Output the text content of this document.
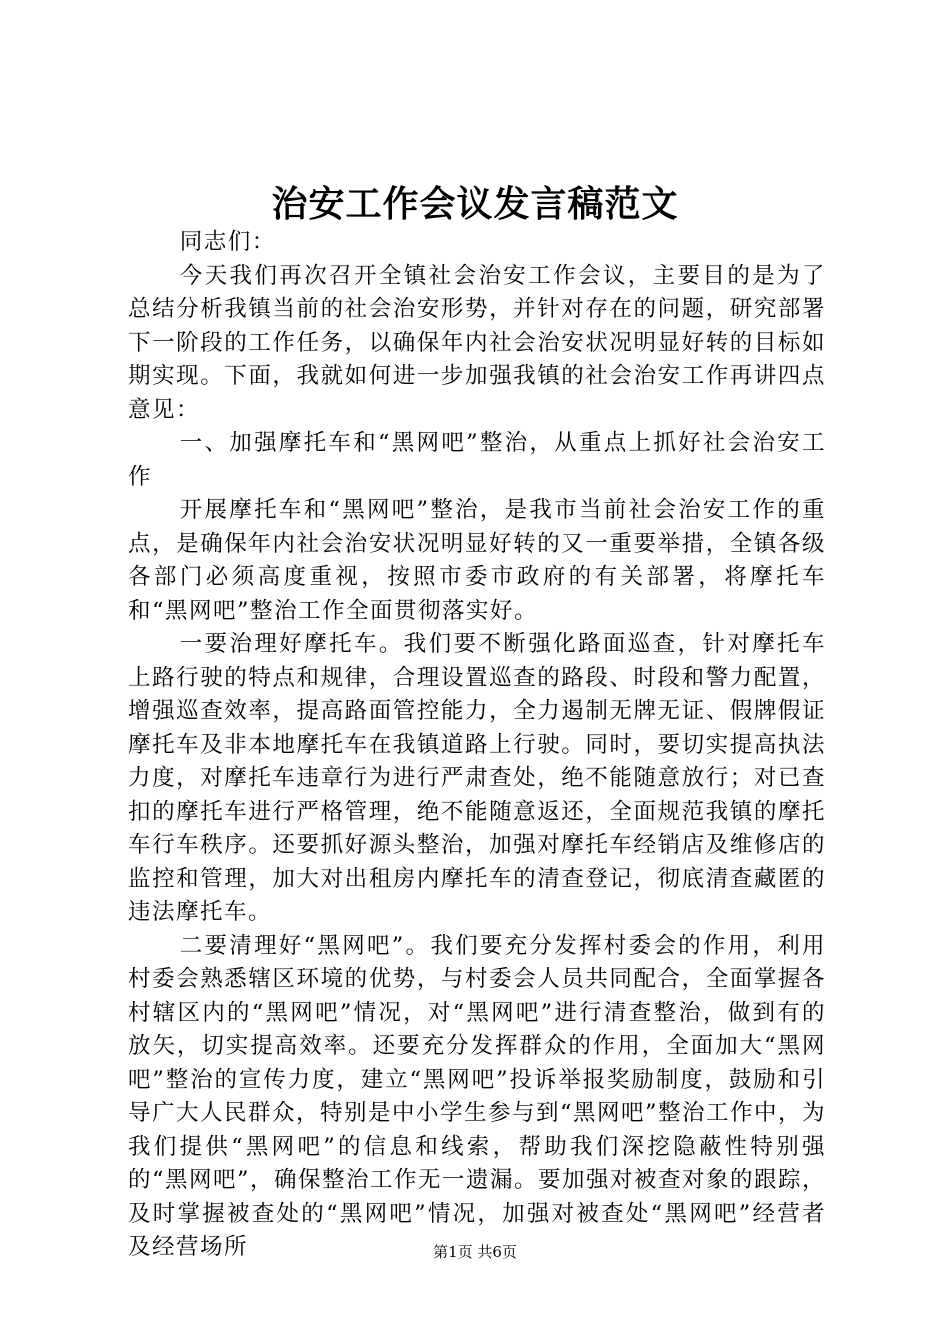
治安工作会议发言稿范文

同志们：

今天我们再次召开全镇社会治安工作会议，主要目的是为了总结分析我镇当前的社会治安形势，并针对存在的问题，研究部署下一阶段的工作任务，以确保年内社会治安状况明显好转的目标如期实现。下面，我就如何进一步加强我镇的社会治安工作再讲四点意见：

一、加强摩托车和“黑网吧”整治，从重点上抓好社会治安工作

开展摩托车和“黑网吧”整治，是我市当前社会治安工作的重点，是确保年内社会治安状况明显好转的又一重要举措，全镇各级各部门必须高度重视，按照市委市政府的有关部署，将摩托车和“黑网吧”整治工作全面贯彻落实好。

一要治理好摩托车。我们要不断强化路面巡查，针对摩托车上路行驶的特点和规律，合理设置巡查的路段、时段和警力配置，增强巡查效率，提高路面管控能力，全力遏制无牌无证、假牌假证摩托车及非本地摩托车在我镇道路上行驶。同时，要切实提高执法力度，对摩托车违章行为进行严肃查处，绝不能随意放行；对已查扣的摩托车进行严格管理，绝不能随意返还，全面规范我镇的摩托车行车秩序。还要抓好源头整治，加强对摩托车经销店及维修店的监控和管理，加大对出租房内摩托车的清查登记，彻底清查藏匿的违法摩托车。

二要清理好“黑网吧”。我们要充分发挥村委会的作用，利用村委会熟悉辖区环境的优势，与村委会人员共同配合，全面掌握各村辖区内的“黑网吧”情况，对“黑网吧”进行清查整治，做到有的放矢，切实提高效率。还要充分发挥群众的作用，全面加大“黑网吧”整治的宣传力度，建立“黑网吧”投诉举报奖励制度，鼓励和引导广大人民群众，特别是中小学生参与到“黑网吧”整治工作中，为我们提供“黑网吧”的信息和线索，帮助我们深挖隐蔽性特别强的“黑网吧”，确保整治工作无一遗漏。要加强对被查对象的跟踪，及时掌握被查处的“黑网吧”情况，加强对被查处“黑网吧”经营者及经营场所	第1页 共6页
